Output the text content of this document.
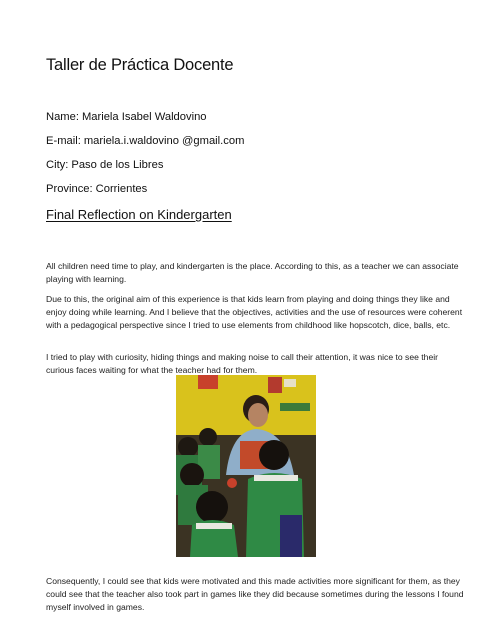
Taller de Práctica Docente
Name: Mariela Isabel Waldovino
E-mail: mariela.i.waldovino @gmail.com
City: Paso de los Libres
Province: Corrientes
Final Reflection on Kindergarten

All children need time to play, and kindergarten is the place. According to this, as a teacher we can associate playing with learning.

Due to this, the original aim of this experience is that kids learn from playing and doing things they like and enjoy doing while learning. And I believe that the objectives, activities and the use of resources were coherent with a pedagogical perspective since I tried to use elements from childhood like hopscotch, dice, balls, etc.

I tried to play with curiosity, hiding things and making noise to call their attention, it was nice to see their curious faces waiting for what the teacher had for them.

Consequently, I could see that kids were motivated and this made activities more significant for them, as they could see that the teacher also took part in games like they did because sometimes during the lessons I found myself involved in games.
